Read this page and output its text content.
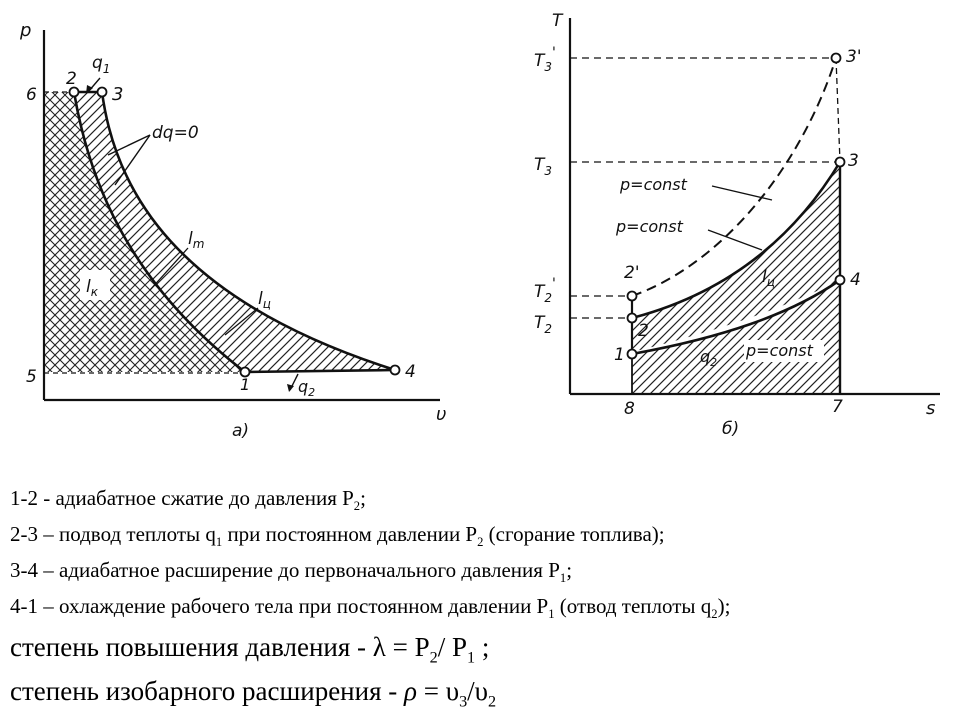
p
υ
2
3
4
1
6
5
$q_1$
dq=0
$l_m$
$l_ц$
$l_к$
$q_2$
а)
T
s
$T_3'$
$T_3$
$T_2'$
$T_2$
8	7
3'
3
4
2'
2
1
p=const
p=const
p=const
$l_ц$
$q_2$
б)
1-2 - адиабатное сжатие до давления $P_2$;
2-3 – подвод теплоты $q_1$ при постоянном давлении $P_2$ (сгорание топлива);
3-4 – адиабатное расширение до первоначального давления $P_1$;
4-1 – охлаждение рабочего тела при постоянном давлении $P_1$ (отвод теплоты $q_2$);
степень повышения давления - $\lambda = P_2/$ $P_1$ ;
степень изобарного расширения - $\rho = \upsilon_3/\upsilon_2$
